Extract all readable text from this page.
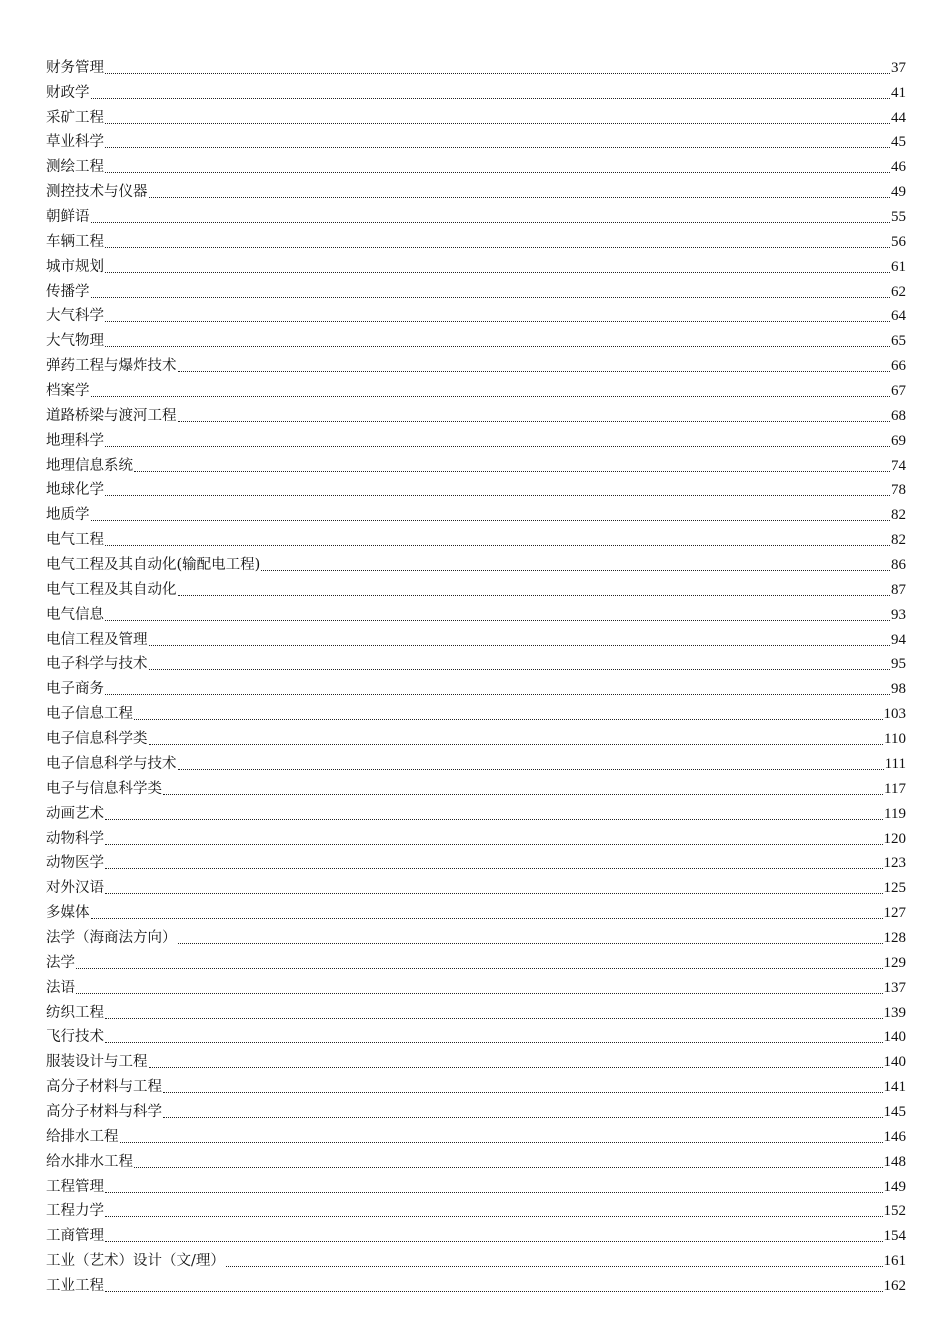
财务管理	37
财政学	41
采矿工程	44
草业科学	45
测绘工程	46
测控技术与仪器	49
朝鲜语	55
车辆工程	56
城市规划	61
传播学	62
大气科学	64
大气物理	65
弹药工程与爆炸技术	66
档案学	67
道路桥梁与渡河工程	68
地理科学	69
地理信息系统	74
地球化学	78
地质学	82
电气工程	82
电气工程及其自动化(输配电工程)	86
电气工程及其自动化	87
电气信息	93
电信工程及管理	94
电子科学与技术	95
电子商务	98
电子信息工程	103
电子信息科学类	110
电子信息科学与技术	111
电子与信息科学类	117
动画艺术	119
动物科学	120
动物医学	123
对外汉语	125
多媒体	127
法学（海商法方向）	128
法学	129
法语	137
纺织工程	139
飞行技术	140
服装设计与工程	140
高分子材料与工程	141
高分子材料与科学	145
给排水工程	146
给水排水工程	148
工程管理	149
工程力学	152
工商管理	154
工业（艺术）设计（文/理）	161
工业工程	162
